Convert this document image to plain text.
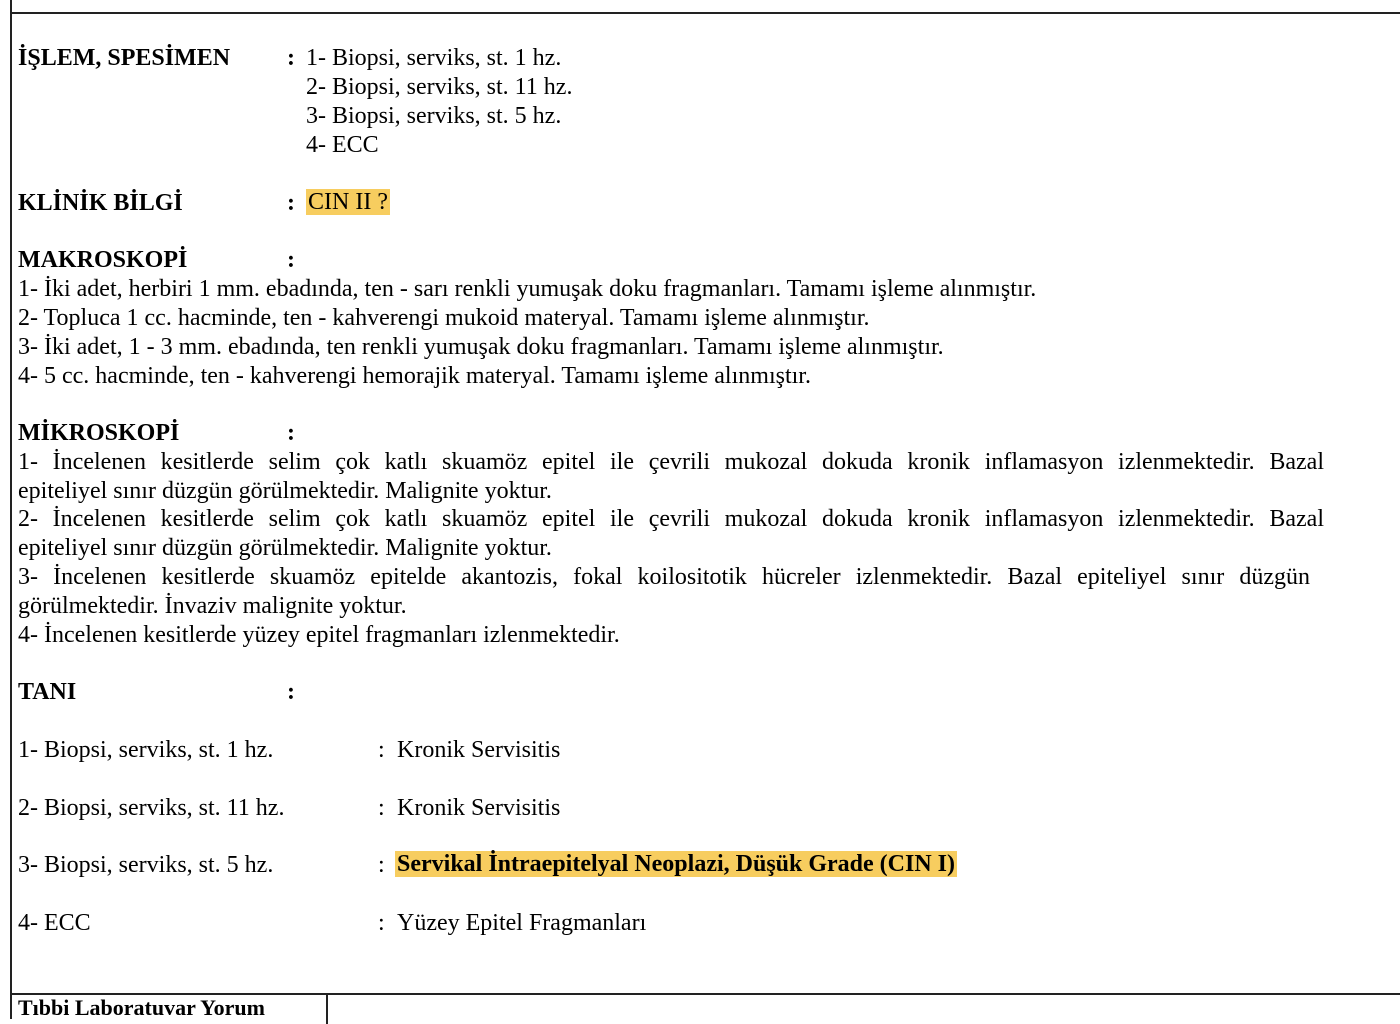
İŞLEM, SPESİMEN : 1- Biopsi, serviks, st. 1 hz.
2- Biopsi, serviks, st. 11 hz.
3- Biopsi, serviks, st. 5 hz.
4- ECC
KLİNİK BİLGİ	: CIN II ?
MAKROSKOPİ	:
1- İki adet, herbiri 1 mm. ebadında, ten - sarı renkli yumuşak doku fragmanları. Tamamı işleme alınmıştır.
2- Topluca 1 cc. hacminde, ten - kahverengi mukoid materyal. Tamamı işleme alınmıştır.
3- İki adet, 1 - 3 mm. ebadında, ten renkli yumuşak doku fragmanları. Tamamı işleme alınmıştır.
4- 5 cc. hacminde, ten - kahverengi hemorajik materyal. Tamamı işleme alınmıştır.
MİKROSKOPİ	:
1- İncelenen kesitlerde selim çok katlı skuamöz epitel ile çevrili mukozal dokuda kronik inflamasyon izlenmektedir. Bazal
epiteliyel sınır düzgün görülmektedir. Malignite yoktur.
2- İncelenen kesitlerde selim çok katlı skuamöz epitel ile çevrili mukozal dokuda kronik inflamasyon izlenmektedir. Bazal
epiteliyel sınır düzgün görülmektedir. Malignite yoktur.
3- İncelenen kesitlerde skuamöz epitelde akantozis, fokal koilositotik hücreler izlenmektedir. Bazal epiteliyel sınır düzgün
görülmektedir. İnvaziv malignite yoktur.
4- İncelenen kesitlerde yüzey epitel fragmanları izlenmektedir.
TANI	:
1- Biopsi, serviks, st. 1 hz.	: Kronik Servisitis
2- Biopsi, serviks, st. 11 hz.	: Kronik Servisitis
3- Biopsi, serviks, st. 5 hz.	: Servikal İntraepitelyal Neoplazi, Düşük Grade (CIN I)
4- ECC	: Yüzey Epitel Fragmanları
Tıbbi Laboratuvar Yorum
